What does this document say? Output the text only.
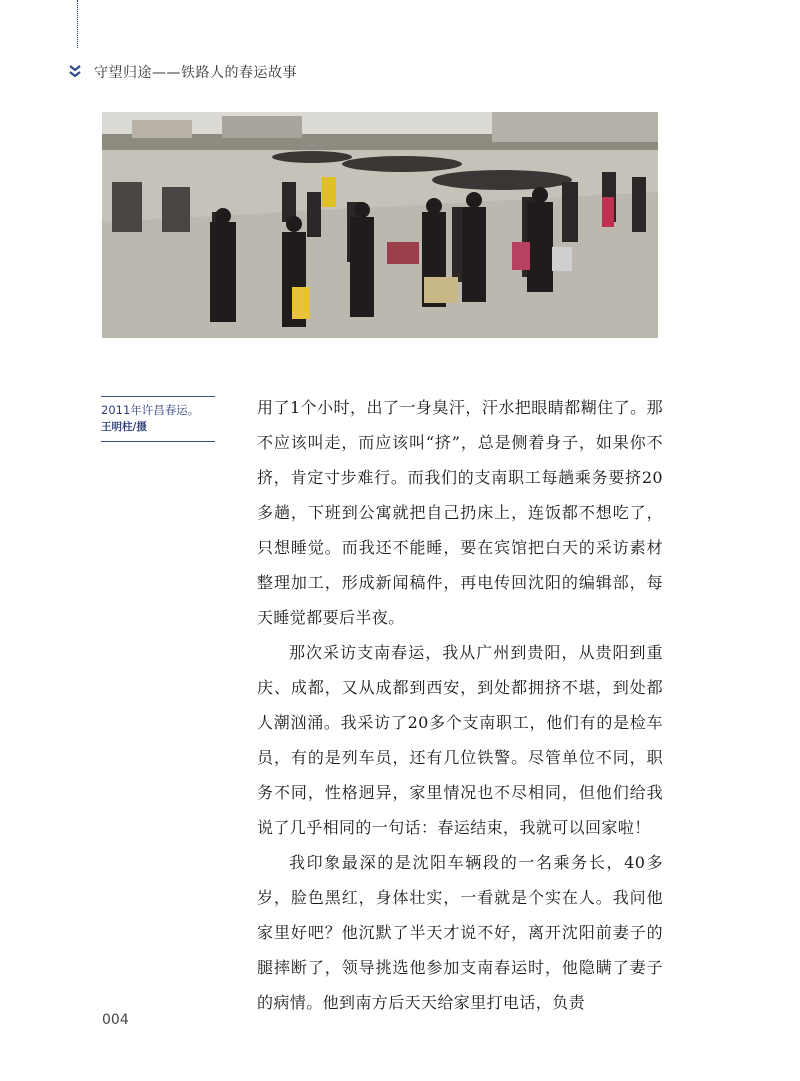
守望归途——铁路人的春运故事
2011年许昌春运。
王明柱/摄

用了1个小时，出了一身臭汗，汗水把眼睛都糊住了。那不应该叫走，而应该叫“挤”，总是侧着身子，如果你不挤，肯定寸步难行。而我们的支南职工每趟乘务要挤20多趟，下班到公寓就把自己扔床上，连饭都不想吃了，只想睡觉。而我还不能睡，要在宾馆把白天的采访素材整理加工，形成新闻稿件，再电传回沈阳的编辑部，每天睡觉都要后半夜。

那次采访支南春运，我从广州到贵阳，从贵阳到重庆、成都，又从成都到西安，到处都拥挤不堪，到处都人潮汹涌。我采访了20多个支南职工，他们有的是检车员，有的是列车员，还有几位铁警。尽管单位不同，职务不同，性格迥异，家里情况也不尽相同，但他们给我说了几乎相同的一句话：春运结束，我就可以回家啦！

我印象最深的是沈阳车辆段的一名乘务长，40多岁，脸色黑红，身体壮实，一看就是个实在人。我问他家里好吧？他沉默了半天才说不好，离开沈阳前妻子的腿摔断了，领导挑选他参加支南春运时，他隐瞒了妻子的病情。他到南方后天天给家里打电话，负责

004
